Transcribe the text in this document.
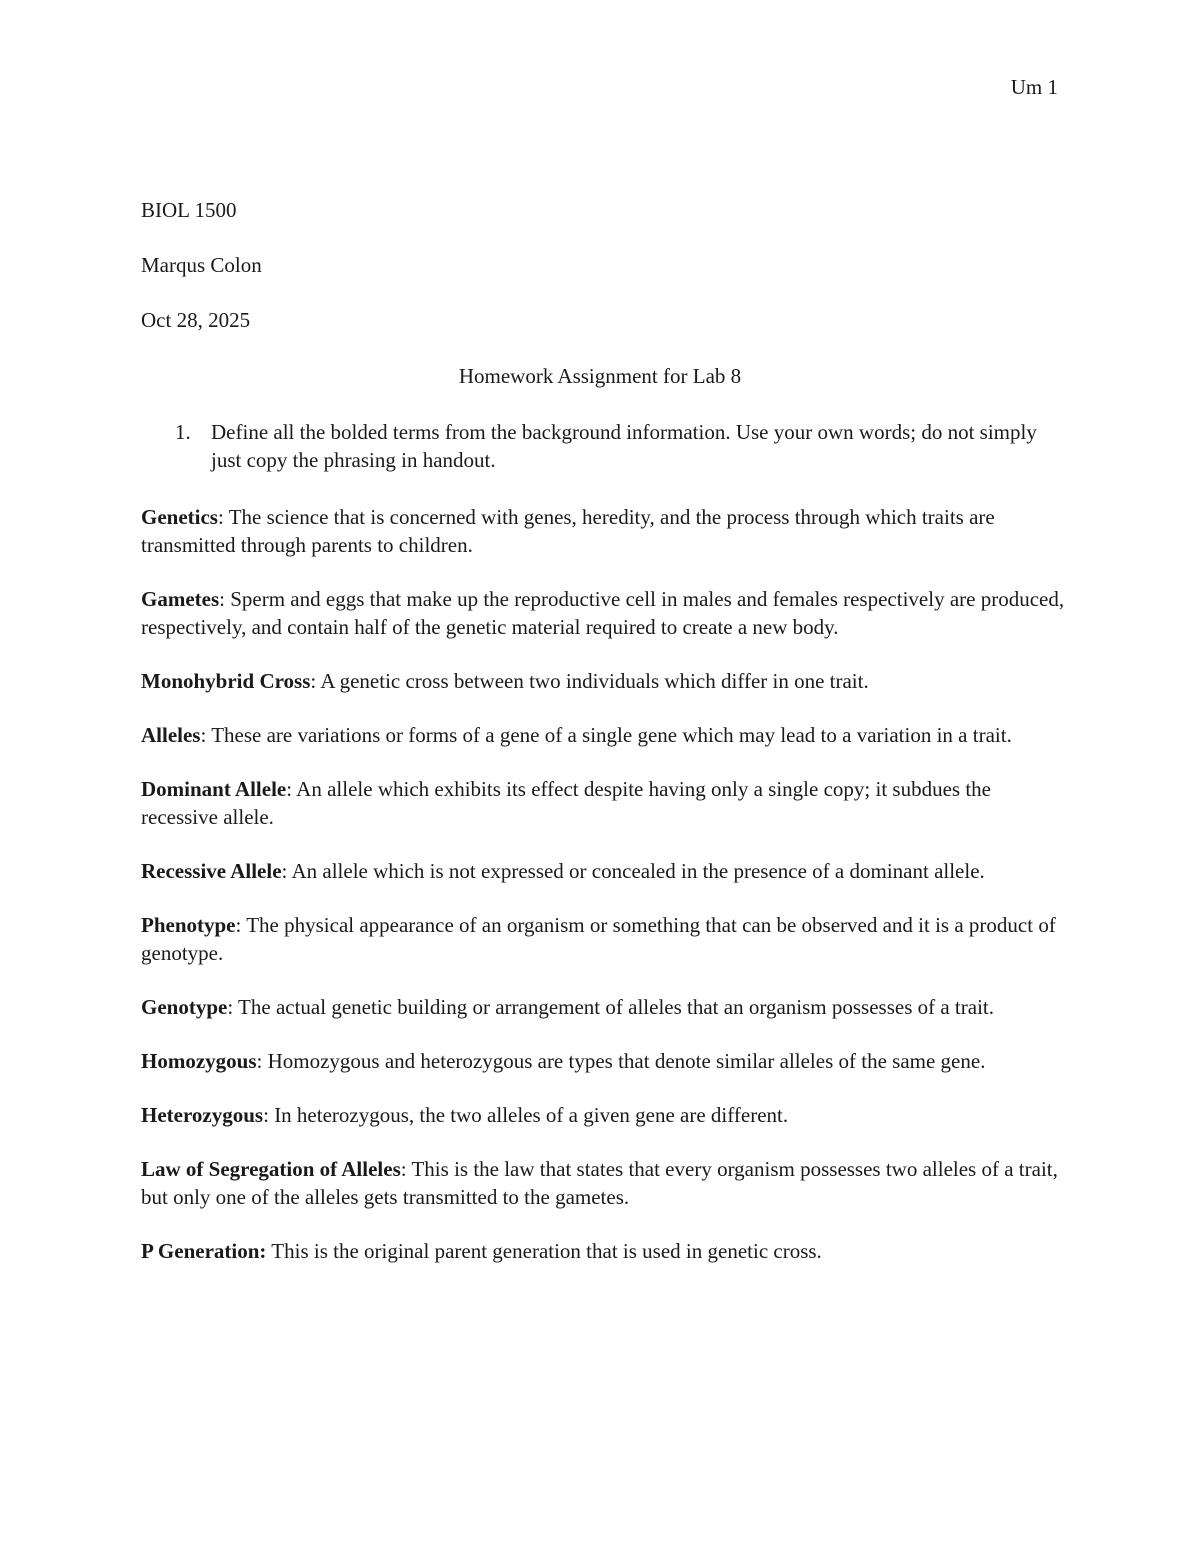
Um 1
BIOL 1500
Marqus Colon
Oct 28, 2025
Homework Assignment for Lab 8
1. Define all the bolded terms from the background information. Use your own words; do not simply just copy the phrasing in handout.

Genetics: The science that is concerned with genes, heredity, and the process through which traits are transmitted through parents to children.

Gametes: Sperm and eggs that make up the reproductive cell in males and females respectively are produced, respectively, and contain half of the genetic material required to create a new body.

Monohybrid Cross: A genetic cross between two individuals which differ in one trait.

Alleles: These are variations or forms of a gene of a single gene which may lead to a variation in a trait.

Dominant Allele: An allele which exhibits its effect despite having only a single copy; it subdues the recessive allele.

Recessive Allele: An allele which is not expressed or concealed in the presence of a dominant allele.

Phenotype: The physical appearance of an organism or something that can be observed and it is a product of genotype.

Genotype: The actual genetic building or arrangement of alleles that an organism possesses of a trait.

Homozygous: Homozygous and heterozygous are types that denote similar alleles of the same gene.

Heterozygous: In heterozygous, the two alleles of a given gene are different.

Law of Segregation of Alleles: This is the law that states that every organism possesses two alleles of a trait, but only one of the alleles gets transmitted to the gametes.

P Generation: This is the original parent generation that is used in genetic cross.
